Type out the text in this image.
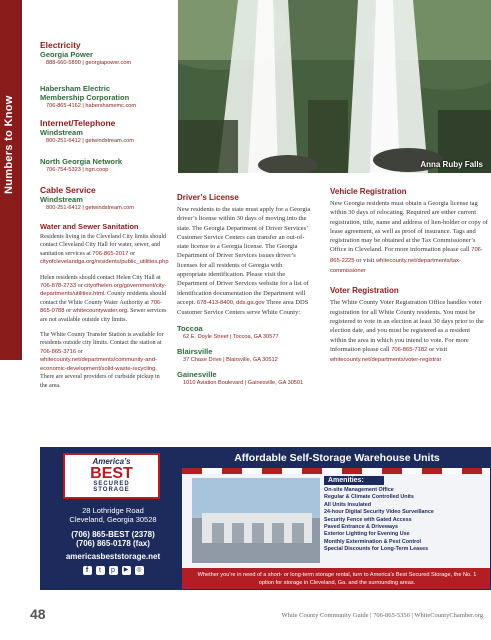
Numbers to Know
Electricity
Georgia Power
888-660-5890 | georgiapower.com
Habersham Electric
Membership Corporation
706-865-4162 | habershamemc.com
Internet/Telephone
Windstream
800-251-6412 | getwindstream.com
North Georgia Network
706-754-5323 | ngn.coop
Cable Service
Windstream
800-251-6412 | getwindstream.com
Water and Sewer Sanitation
Residents living in the Cleveland City limits should contact Cleveland City Hall for water, sewer, and sanitation services at 706-865-2017 or cityofclevelandga.org/residents/public_utilities.php
Helen residents should contact Helen City Hall at 706-878-2733 or cityofhelen.org/government/city-departments/utilities.html. County residents should contact the White County Water Authority at 706-865-0788 or whitecountywater.org. Sewer services are not available outside city limits.
The White County Transfer Station is available for residents outside city limits. Contact the station at 706-865-3716 or whitecounty.net/departments/community-and-economic-development/solid-waste-recycling. There are several providers of curbside pickup in the area.
Anna Ruby Falls
Driver’s License
New residents to the state must apply for a Georgia driver’s license within 30 days of moving into the state. The Georgia Department of Driver Services’ Customer Service Centers can transfer an out-of-state license to a Georgia license. The Georgia Department of Driver Services issues driver’s licenses for all residents of Georgia with appropriate identification. Please visit the Department of Driver Services website for a list of identification documentation the Department will accept. 678-413-8400, dds.ga.gov Three area DDS Customer Service Centers serve White County:
Toccoa
62 E. Doyle Street | Toccoa, GA 30577
Blairsville
37 Chase Drive | Blairsville, GA 30512
Gainesville
1010 Aviation Boulevard | Gainesville, GA 30501
Vehicle Registration
New Georgia residents must obtain a Georgia license tag within 30 days of relocating. Required are either current registration, title, name and address of lien-holder or copy of lease agreement, as well as proof of insurance. Tags and registration may be obtained at the Tax Commissioner’s Office in Cleveland. For more information please call 706-865-2225 or visit whitecounty.net/departments/tax-commissioner
Voter Registration
The White County Voter Registration Office handles voter registration for all White County residents. You must be registered to vote in an election at least 30 days prior to the election date, and you must be registered as a resident within the area in which you intend to vote. For more information please call 706-865-7182 or visit whitecounty.net/departments/voter-registrar
America’s
BEST
SECURED
STORAGE
28 Lothridge Road
Cleveland, Georgia 30528
(706) 865-BEST (2378)
(706) 865-0178 (fax)
americasbeststorage.net
f	t	p	▶	◎
Affordable Self-Storage Warehouse Units
Amenities:
On-site Management Office
Regular & Climate Controlled Units
All Units Insulated
24-hour Digital Security Video Surveillance
Security Fence with Gated Access
Paved Entrance & Driveways
Exterior Lighting for Evening Use
Monthly Extermination & Pest Control
Special Discounts for Long-Term Leases
Whether you’re in need of a short- or long-term storage rental, turn to America’s Best Secured Storage, the No. 1 option for storage in Cleveland, Ga. and the surrounding areas.
48	White County Community Guide | 706-865-5356 | WhiteCountyChamber.org
